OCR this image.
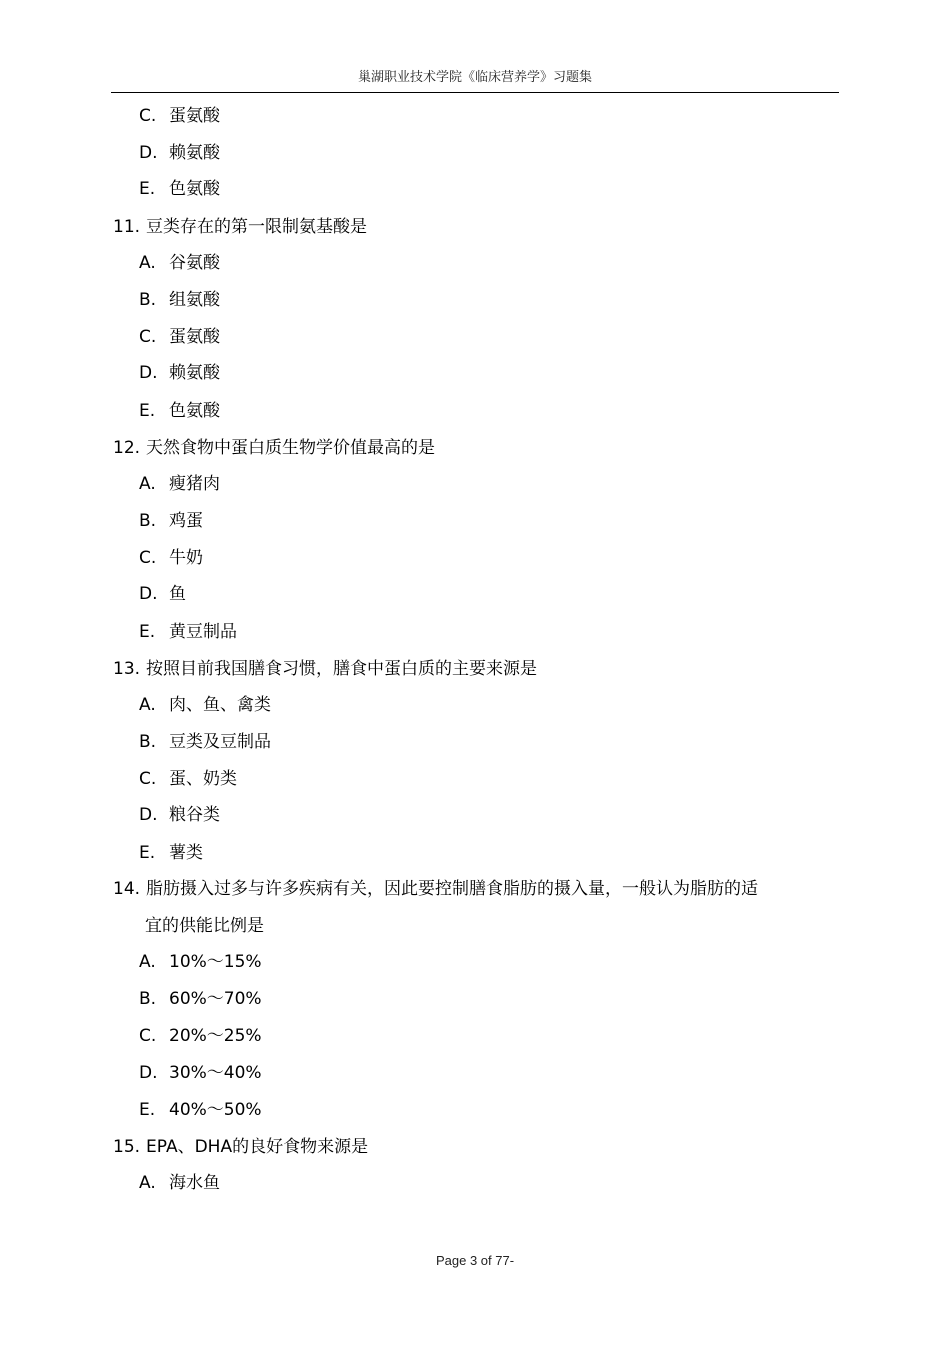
巢湖职业技术学院《临床营养学》习题集
C. 蛋氨酸
D. 赖氨酸
E. 色氨酸
11. 豆类存在的第一限制氨基酸是
A. 谷氨酸
B. 组氨酸
C. 蛋氨酸
D. 赖氨酸
E. 色氨酸
12. 天然食物中蛋白质生物学价值最高的是
A. 瘦猪肉
B. 鸡蛋
C. 牛奶
D. 鱼
E. 黄豆制品
13. 按照目前我国膳食习惯，膳食中蛋白质的主要来源是
A. 肉、鱼、禽类
B. 豆类及豆制品
C. 蛋、奶类
D. 粮谷类
E. 薯类
14. 脂肪摄入过多与许多疾病有关，因此要控制膳食脂肪的摄入量，一般认为脂肪的适
宜的供能比例是
A. 10%～15%
B. 60%～70%
C. 20%～25%
D. 30%～40%
E. 40%～50%
15. EPA、DHA的良好食物来源是
A. 海水鱼
Page 3 of 77-
